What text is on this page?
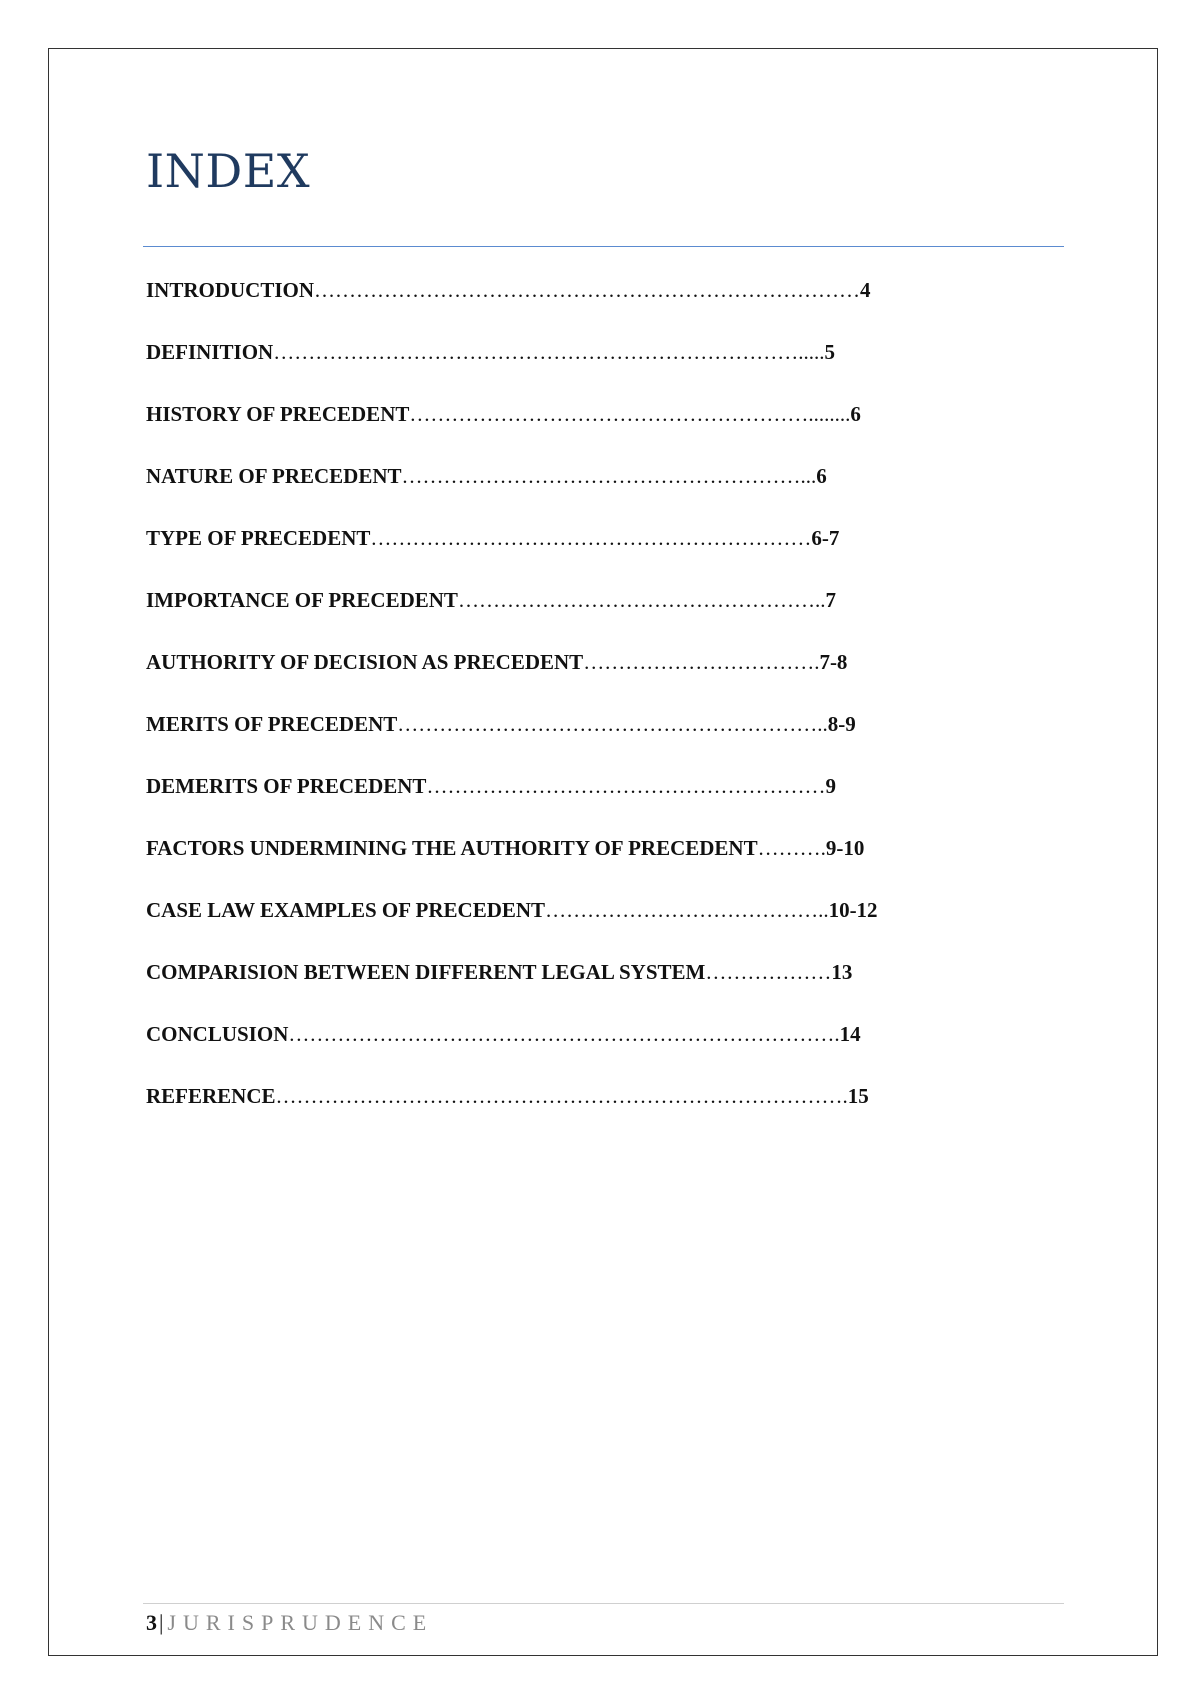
INDEX
INTRODUCTION …………………………………………………………………… 4
DEFINITION …………………………………………………………………..... 5
HISTORY OF PRECEDENT …………………………………………………........ 6
NATURE OF PRECEDENT …………………………………………………... 6
TYPE OF PRECEDENT ……………………………………………………… 6-7
IMPORTANCE OF PRECEDENT …………………………………………….. 7
AUTHORITY OF DECISION AS PRECEDENT ……………………………. 7-8
MERITS OF PRECEDENT …………………………………………………….. 8-9
DEMERITS OF PRECEDENT ………………………………………………… 9
FACTORS UNDERMINING THE AUTHORITY OF PRECEDENT ………. 9-10
CASE LAW EXAMPLES OF PRECEDENT ………………………………….. 10-12
COMPARISION BETWEEN DIFFERENT LEGAL SYSTEM ……………… 13
CONCLUSION ……………………………………………………………………. 14
REFERENCE ………………………………………………………………………. 15
3| JURISPRUDENCE
